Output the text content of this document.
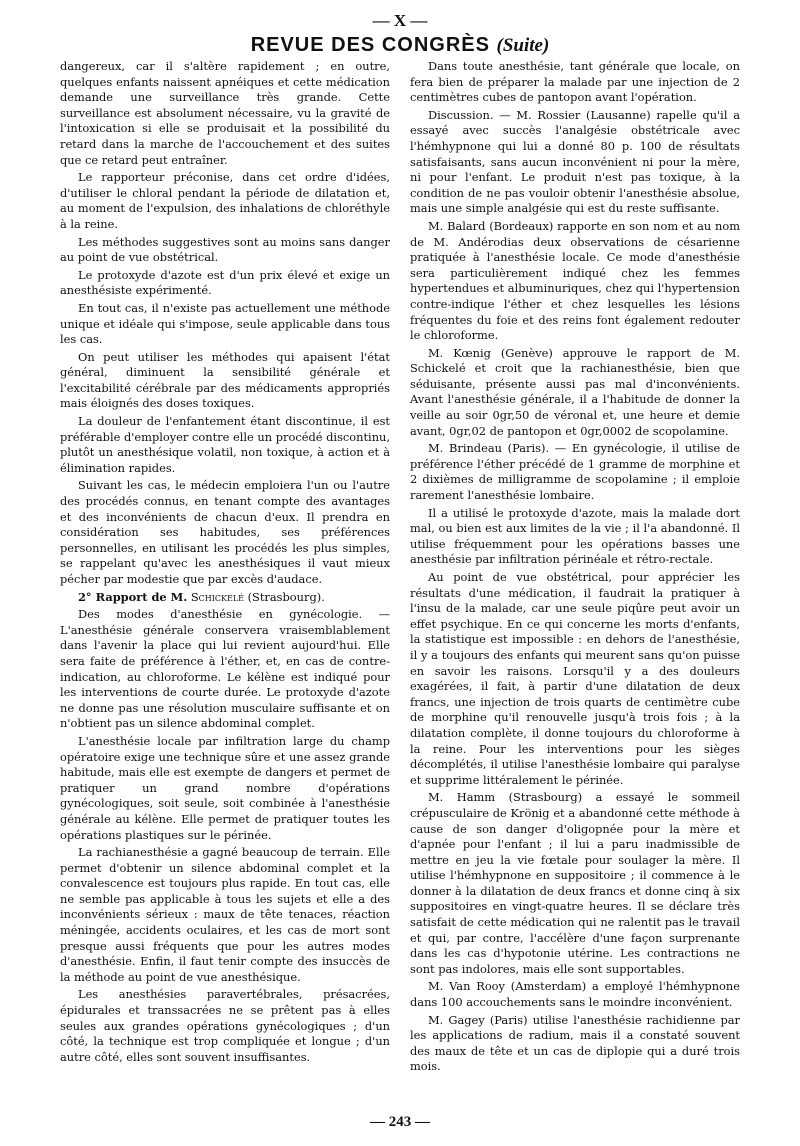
— X —
REVUE DES CONGRÈS (Suite)

dangereux, car il s'altère rapidement ; en outre, quelques enfants naissent apnéiques et cette médication demande une surveillance très grande. Cette surveillance est absolument nécessaire, vu la gravité de l'intoxication si elle se produisait et la possibilité du retard dans la marche de l'accouchement et des suites que ce retard peut entraîner.

Le rapporteur préconise, dans cet ordre d'idées, d'utiliser le chloral pendant la période de dilatation et, au moment de l'expulsion, des inhalations de chloréthyle à la reine.

Les méthodes suggestives sont au moins sans danger au point de vue obstétrical.

Le protoxyde d'azote est d'un prix élevé et exige un anesthésiste expérimenté.

En tout cas, il n'existe pas actuellement une méthode unique et idéale qui s'impose, seule applicable dans tous les cas.

On peut utiliser les méthodes qui apaisent l'état général, diminuent la sensibilité générale et l'excitabilité cérébrale par des médicaments appropriés mais éloignés des doses toxiques.

La douleur de l'enfantement étant discontinue, il est préférable d'employer contre elle un procédé discontinu, plutôt un anesthésique volatil, non toxique, à action et à élimination rapides.

Suivant les cas, le médecin emploiera l'un ou l'autre des procédés connus, en tenant compte des avantages et des inconvénients de chacun d'eux. Il prendra en considération ses habitudes, ses préférences personnelles, en utilisant les procédés les plus simples, se rappelant qu'avec les anesthésiques il vaut mieux pécher par modestie que par excès d'audace.

2° Rapport de M. Schickelé (Strasbourg).

Des modes d'anesthésie en gynécologie. — L'anesthésie générale conservera vraisemblablement dans l'avenir la place qui lui revient aujourd'hui. Elle sera faite de préférence à l'éther, et, en cas de contre-indication, au chloroforme. Le kélène est indiqué pour les interventions de courte durée. Le protoxyde d'azote ne donne pas une résolution musculaire suffisante et on n'obtient pas un silence abdominal complet.

L'anesthésie locale par infiltration large du champ opératoire exige une technique sûre et une assez grande habitude, mais elle est exempte de dangers et permet de pratiquer un grand nombre d'opérations gynécologiques, soit seule, soit combinée à l'anesthésie générale au kélène. Elle permet de pratiquer toutes les opérations plastiques sur le périnée.

La rachianesthésie a gagné beaucoup de terrain. Elle permet d'obtenir un silence abdominal complet et la convalescence est toujours plus rapide. En tout cas, elle ne semble pas applicable à tous les sujets et elle a des inconvénients sérieux : maux de tête tenaces, réaction méningée, accidents oculaires, et les cas de mort sont presque aussi fréquents que pour les autres modes d'anesthésie. Enfin, il faut tenir compte des insuccès de la méthode au point de vue anesthésique.

Les anesthésies paravertébrales, présacrées, épidurales et transsacrées ne se prêtent pas à elles seules aux grandes opérations gynécologiques ; d'un côté, la technique est trop compliquée et longue ; d'un autre côté, elles sont souvent insuffisantes.

Dans toute anesthésie, tant générale que locale, on fera bien de préparer la malade par une injection de 2 centimètres cubes de pantopon avant l'opération.

Discussion. — M. Rossier (Lausanne) rapelle qu'il a essayé avec succès l'analgésie obstétricale avec l'hémhypnone qui lui a donné 80 p. 100 de résultats satisfaisants, sans aucun inconvénient ni pour la mère, ni pour l'enfant. Le produit n'est pas toxique, à la condition de ne pas vouloir obtenir l'anesthésie absolue, mais une simple analgésie qui est du reste suffisante.

M. Balard (Bordeaux) rapporte en son nom et au nom de M. Andérodias deux observations de césarienne pratiquée à l'anesthésie locale. Ce mode d'anesthésie sera particulièrement indiqué chez les femmes hypertendues et albuminuriques, chez qui l'hypertension contre-indique l'éther et chez lesquelles les lésions fréquentes du foie et des reins font également redouter le chloroforme.

M. Kœnig (Genève) approuve le rapport de M. Schickelé et croit que la rachianesthésie, bien que séduisante, présente aussi pas mal d'inconvénients. Avant l'anesthésie générale, il a l'habitude de donner la veille au soir 0gr,50 de véronal et, une heure et demie avant, 0gr,02 de pantopon et 0gr,0002 de scopolamine.

M. Brindeau (Paris). — En gynécologie, il utilise de préférence l'éther précédé de 1 gramme de morphine et 2 dixièmes de milligramme de scopolamine ; il emploie rarement l'anesthésie lombaire.

Il a utilisé le protoxyde d'azote, mais la malade dort mal, ou bien est aux limites de la vie ; il l'a abandonné. Il utilise fréquemment pour les opérations basses une anesthésie par infiltration périnéale et rétro-rectale.

Au point de vue obstétrical, pour apprécier les résultats d'une médication, il faudrait la pratiquer à l'insu de la malade, car une seule piqûre peut avoir un effet psychique. En ce qui concerne les morts d'enfants, la statistique est impossible : en dehors de l'anesthésie, il y a toujours des enfants qui meurent sans qu'on puisse en savoir les raisons. Lorsqu'il y a des douleurs exagérées, il fait, à partir d'une dilatation de deux francs, une injection de trois quarts de centimètre cube de morphine qu'il renouvelle jusqu'à trois fois ; à la dilatation complète, il donne toujours du chloroforme à la reine. Pour les interventions pour les sièges décomplétés, il utilise l'anesthésie lombaire qui paralyse et supprime littéralement le périnée.

M. Hamm (Strasbourg) a essayé le sommeil crépusculaire de Krönig et a abandonné cette méthode à cause de son danger d'oligopnée pour la mère et d'apnée pour l'enfant ; il lui a paru inadmissible de mettre en jeu la vie fœtale pour soulager la mère. Il utilise l'hémhypnone en suppositoire ; il commence à le donner à la dilatation de deux francs et donne cinq à six suppositoires en vingt-quatre heures. Il se déclare très satisfait de cette médication qui ne ralentit pas le travail et qui, par contre, l'accélère d'une façon surprenante dans les cas d'hypotonie utérine. Les contractions ne sont pas indolores, mais elle sont supportables.

M. Van Rooy (Amsterdam) a employé l'hémhypnone dans 100 accouchements sans le moindre inconvénient.

M. Gagey (Paris) utilise l'anesthésie rachidienne par les applications de radium, mais il a constaté souvent des maux de tête et un cas de diplopie qui a duré trois mois.

— 243 —
